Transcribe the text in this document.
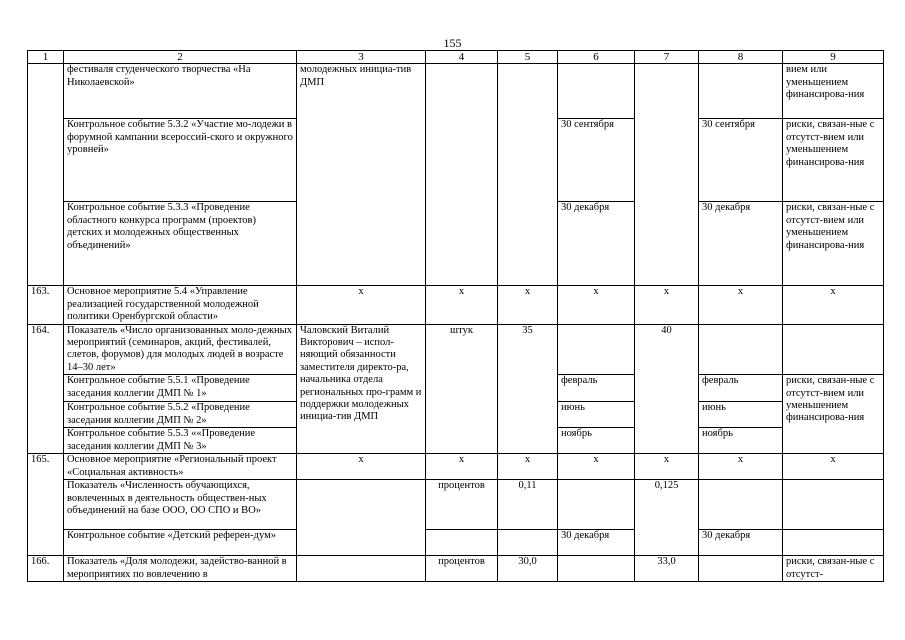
155
1	2	3	4	5	6	7	8	9
	фестиваля студенческого творчества «На Николаевской»	молодежных инициа-тив ДМП						вием или уменьшением финансирова-ния
	Контрольное событие 5.3.2 «Участие мо-лодежи в форумной кампании всероссий-ского и окружного уровней»				30 сентября		30 сентября	риски, связан-ные с отсутст-вием или уменьшением финансирова-ния
	Контрольное событие 5.3.3 «Проведение областного конкурса программ (проектов) детских и молодежных общественных объединений»				30 декабря		30 декабря	риски, связан-ные с отсутст-вием или уменьшением финансирова-ния
163.	Основное мероприятие 5.4 «Управление реализацией государственной молодежной политики Оренбургской области»	x	x	x	x	x	x	x
164.	Показатель «Число организованных моло-дежных мероприятий (семинаров, акций, фестивалей, слетов, форумов) для молодых людей в возрасте 14–30 лет»	Чаловский Виталий Викторович – испол-няющий обязанности заместителя директо-ра, начальника отдела региональных про-грамм и поддержки молодежных инициа-тив ДМП	штук	35		40		
	Контрольное событие 5.5.1 «Проведение заседания коллегии ДМП № 1»				февраль		февраль	риски, связан-ные с отсутст-вием или уменьшением финансирова-ния
	Контрольное событие 5.5.2 «Проведение заседания коллегии ДМП № 2»				июнь		июнь	
	Контрольное событие 5.5.3 ««Проведение заседания коллегии ДМП № 3»				ноябрь		ноябрь	
165.	Основное мероприятие «Региональный проект «Социальная активность»	x	x	x	x	x	x	x
	Показатель «Численность обучающихся, вовлеченных в деятельность обществен-ных объединений на базе ООО, ОО СПО и ВО»		процентов	0,11		0,125		
	Контрольное событие «Детский референ-дум»				30 декабря		30 декабря	
166.	Показатель «Доля молодежи, задейство-ванной в мероприятиях по вовлечению в		процентов	30,0		33,0		риски, связан-ные с отсутст-
